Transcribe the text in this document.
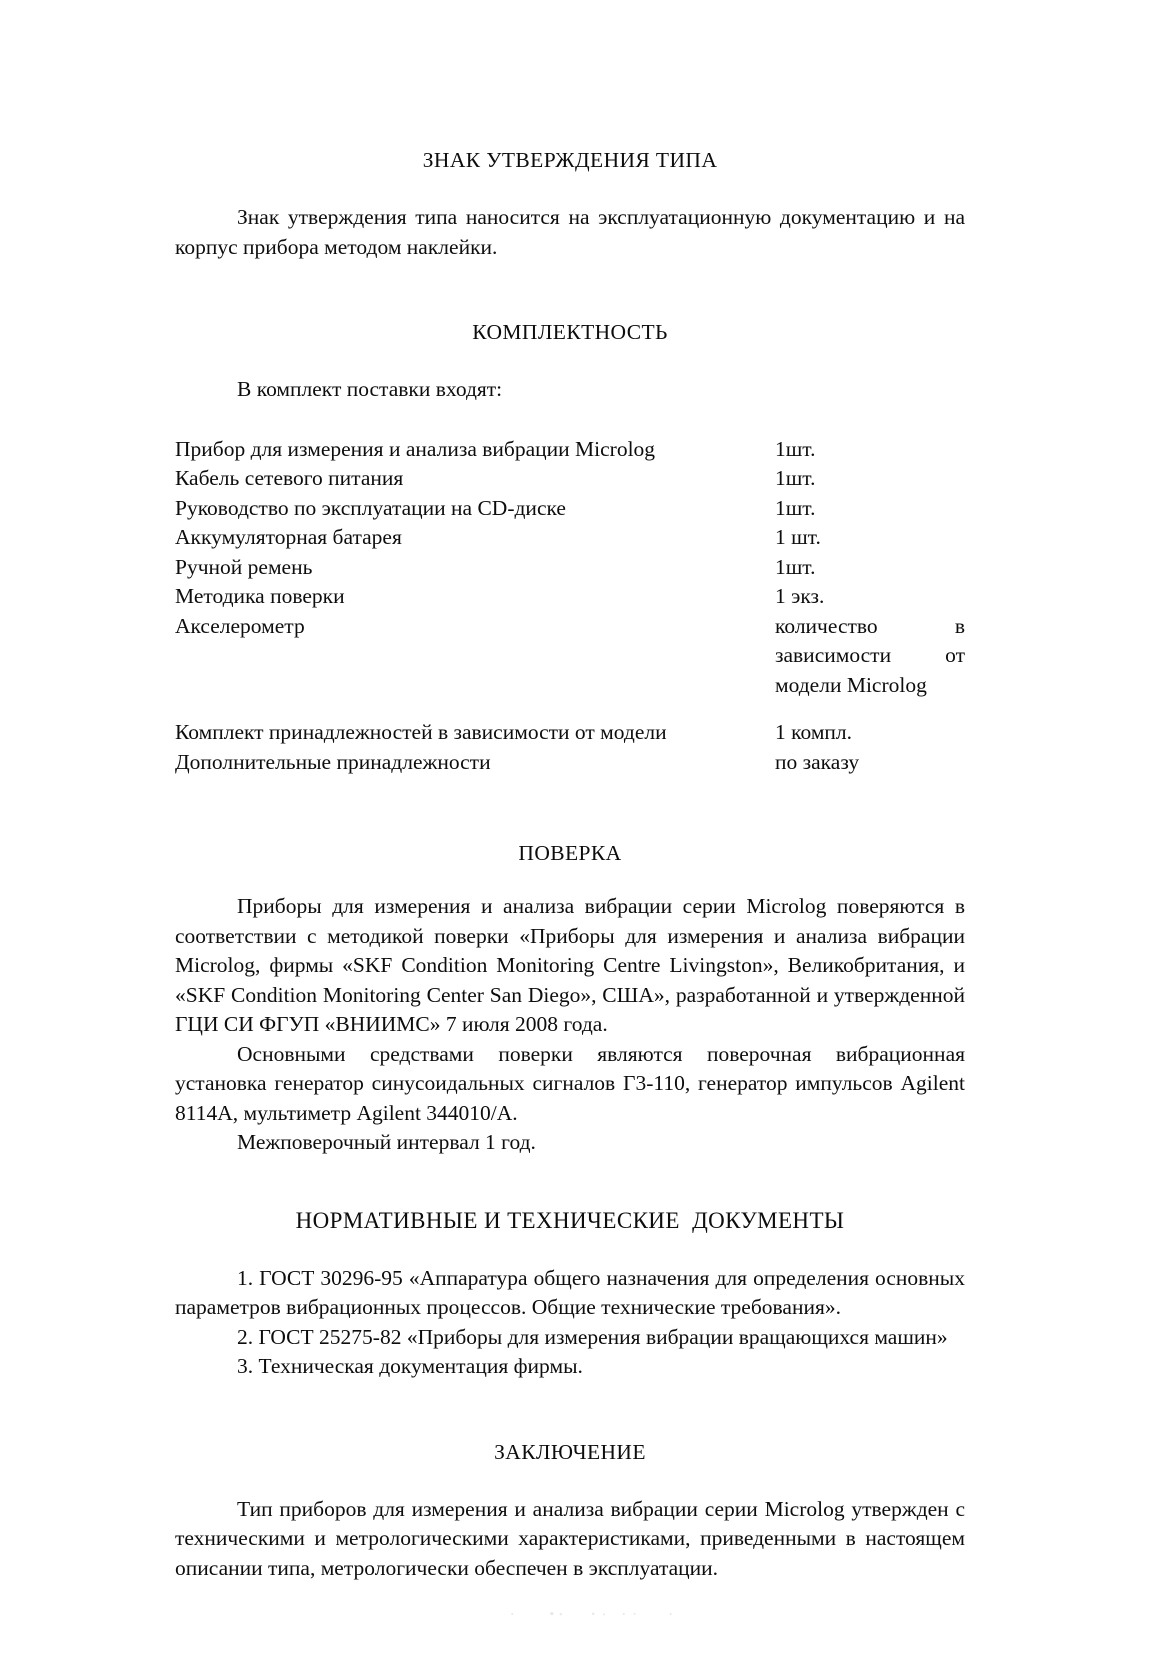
ЗНАК УТВЕРЖДЕНИЯ ТИПА

Знак утверждения типа наносится на эксплуатационную документацию и на корпус прибора методом наклейки.

КОМПЛЕКТНОСТЬ

В комплект поставки входят:

Прибор для измерения и анализа вибрации Microlog	1шт.
Кабель сетевого питания	1шт.
Руководство по эксплуатации на CD-диске	1шт.
Аккумуляторная батарея	1 шт.
Ручной ремень	1шт.
Методика поверки	1 экз.
Акселерометр	количество в
зависимости от
модели Microlog

Комплект принадлежностей в зависимости от модели	1 компл.
Дополнительные принадлежности	по заказу
ПОВЕРКА

Приборы для измерения и анализа вибрации серии Microlog поверяются в соответствии с методикой поверки «Приборы для измерения и анализа вибрации Microlog, фирмы «SKF Condition Monitoring Centre Livingston», Великобритания, и «SKF Condition Monitoring Center San Diego», США», разработанной и утвержденной ГЦИ СИ ФГУП «ВНИИМС» 7 июля 2008 года.

Основными средствами поверки являются поверочная вибрационная установка генератор синусоидальных сигналов Г3-110, генератор импульсов Agilent 8114А, мультиметр Agilent 344010/А.

Межповерочный интервал 1 год.

НОРМАТИВНЫЕ И ТЕХНИЧЕСКИЕ  ДОКУМЕНТЫ

1. ГОСТ 30296-95 «Аппаратура общего назначения для определения основных параметров вибрационных процессов. Общие технические требования».

2. ГОСТ 25275-82 «Приборы для измерения вибрации вращающихся машин»

3. Техническая документация фирмы.

ЗАКЛЮЧЕНИЕ

Тип приборов для измерения и анализа вибрации серии Microlog утвержден с техническими и метрологическими характеристиками, приведенными в настоящем описании типа, метрологически обеспечен в эксплуатации.
